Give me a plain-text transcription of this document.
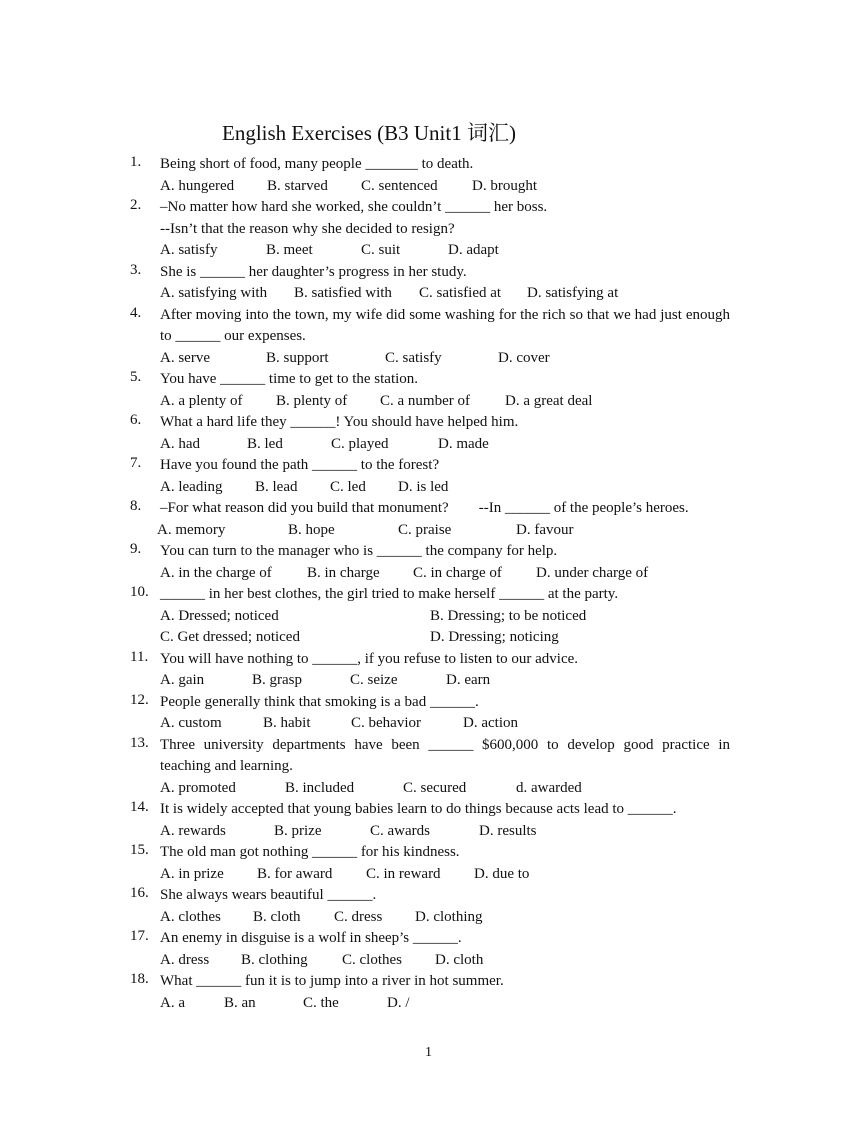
English Exercises (B3 Unit1 词汇)
1.	Being short of food, many people _______ to death.
A. hungered	B. starved	C. sentenced	D. brought
2.	–No matter how hard she worked, she couldn’t ______ her boss.
--Isn’t that the reason why she decided to resign?
A. satisfy	B. meet	C. suit	D. adapt
3.	She is ______ her daughter’s progress in her study.
A. satisfying with	B. satisfied with	C. satisfied at	D. satisfying at
4.	After moving into the town, my wife did some washing for the rich so that we had just enough to ______ our expenses.
A. serve	B. support	C. satisfy	D. cover
5.	You have ______ time to get to the station.
A. a plenty of	B. plenty of	C. a number of	D. a great deal
6.	What a hard life they ______! You should have helped him.
A. had	B. led	C. played	D. made
7.	Have you found the path ______ to the forest?
A. leading	B. lead	C. led	D. is led
8.	–For what reason did you build that monument?        --In ______ of the people’s heroes.
A. memory	B. hope	C. praise	D. favour
9.	You can turn to the manager who is ______ the company for help.
A. in the charge of	B. in charge	C. in charge of	D. under charge of
10. ______ in her best clothes, the girl tried to make herself ______ at the party.
A. Dressed; noticed	B. Dressing; to be noticed
C. Get dressed; noticed	D. Dressing; noticing
11. You will have nothing to ______, if you refuse to listen to our advice.
A. gain	B. grasp	C. seize	D. earn
12. People generally think that smoking is a bad ______.
A. custom	B. habit	C. behavior	D. action
13. Three university departments have been ______ $600,000 to develop good practice in teaching and learning.
A. promoted	B. included	C. secured	d. awarded
14. It is widely accepted that young babies learn to do things because acts lead to ______.
A. rewards	B. prize	C. awards	D. results
15. The old man got nothing ______ for his kindness.
A. in prize	B. for award	C. in reward	D. due to
16. She always wears beautiful ______.
A. clothes	B. cloth	C. dress	D. clothing
17. An enemy in disguise is a wolf in sheep’s ______.
A. dress	B. clothing	C. clothes	D. cloth
18. What ______ fun it is to jump into a river in hot summer.
A. a	B. an	C. the	D. /
1
